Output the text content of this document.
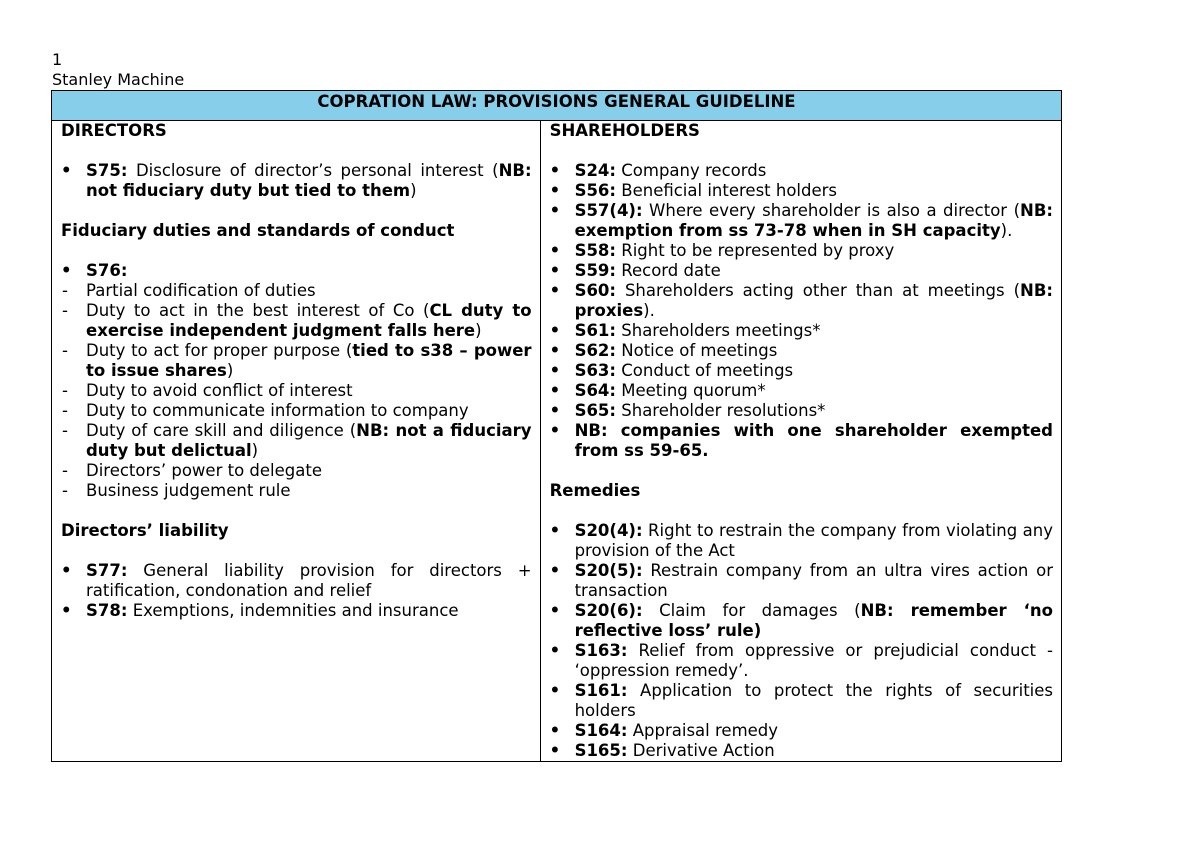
1
Stanley Machine
COPRATION LAW: PROVISIONS GENERAL GUIDELINE

DIRECTORS
• S75: Disclosure of director’s personal interest (NB: not fiduciary duty but tied to them)
Fiduciary duties and standards of conduct
• S76:
- Partial codification of duties
- Duty to act in the best interest of Co (CL duty to exercise independent judgment falls here)
- Duty to act for proper purpose (tied to s38 – power to issue shares)
- Duty to avoid conflict of interest
- Duty to communicate information to company
- Duty of care skill and diligence (NB: not a fiduciary duty but delictual)
- Directors’ power to delegate
- Business judgement rule
Directors’ liability
• S77: General liability provision for directors + ratification, condonation and relief
• S78: Exemptions, indemnities and insurance

SHAREHOLDERS
• S24: Company records
• S56: Beneficial interest holders
• S57(4): Where every shareholder is also a director (NB: exemption from ss 73-78 when in SH capacity).
• S58: Right to be represented by proxy
• S59: Record date
• S60: Shareholders acting other than at meetings (NB: proxies).
• S61: Shareholders meetings*
• S62: Notice of meetings
• S63: Conduct of meetings
• S64: Meeting quorum*
• S65: Shareholder resolutions*
• NB: companies with one shareholder exempted from ss 59-65.
Remedies
• S20(4): Right to restrain the company from violating any provision of the Act
• S20(5): Restrain company from an ultra vires action or transaction
• S20(6): Claim for damages (NB: remember ‘no reflective loss’ rule)
• S163: Relief from oppressive or prejudicial conduct - ‘oppression remedy’.
• S161: Application to protect the rights of securities holders
• S164: Appraisal remedy
• S165: Derivative Action
